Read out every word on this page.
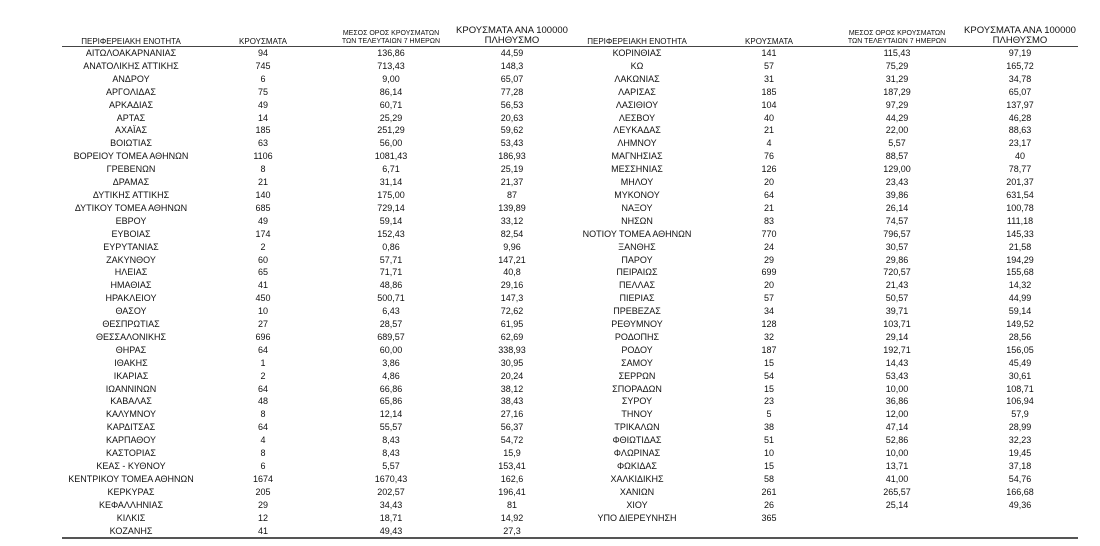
ΠΕΡΙΦΕΡΕΙΑΚΗ ΕΝΟΤΗΤΑ	ΚΡΟΥΣΜΑΤΑ	ΜΕΣΟΣ ΟΡΟΣ ΚΡΟΥΣΜΑΤΩΝ
ΤΩΝ ΤΕΛΕΥΤΑΙΩΝ 7 ΗΜΕΡΩΝ	ΚΡΟΥΣΜΑΤΑ ΑΝΑ 100000
ΠΛΗΘΥΣΜΟ	ΠΕΡΙΦΕΡΕΙΑΚΗ ΕΝΟΤΗΤΑ	ΚΡΟΥΣΜΑΤΑ	ΜΕΣΟΣ ΟΡΟΣ ΚΡΟΥΣΜΑΤΩΝ
ΤΩΝ ΤΕΛΕΥΤΑΙΩΝ 7 ΗΜΕΡΩΝ	ΚΡΟΥΣΜΑΤΑ ΑΝΑ 100000
ΠΛΗΘΥΣΜΟ
ΑΙΤΩΛΟΑΚΑΡΝΑΝΙΑΣ	94	136,86	44,59	ΚΟΡΙΝΘΙΑΣ	141	115,43	97,19
ΑΝΑΤΟΛΙΚΗΣ ΑΤΤΙΚΗΣ	745	713,43	148,3	ΚΩ	57	75,29	165,72
ΑΝΔΡΟΥ	6	9,00	65,07	ΛΑΚΩΝΙΑΣ	31	31,29	34,78
ΑΡΓΟΛΙΔΑΣ	75	86,14	77,28	ΛΑΡΙΣΑΣ	185	187,29	65,07
ΑΡΚΑΔΙΑΣ	49	60,71	56,53	ΛΑΣΙΘΙΟΥ	104	97,29	137,97
ΑΡΤΑΣ	14	25,29	20,63	ΛΕΣΒΟΥ	40	44,29	46,28
ΑΧΑΪΑΣ	185	251,29	59,62	ΛΕΥΚΑΔΑΣ	21	22,00	88,63
ΒΟΙΩΤΙΑΣ	63	56,00	53,43	ΛΗΜΝΟΥ	4	5,57	23,17
ΒΟΡΕΙΟΥ ΤΟΜΕΑ ΑΘΗΝΩΝ	1106	1081,43	186,93	ΜΑΓΝΗΣΙΑΣ	76	88,57	40
ΓΡΕΒΕΝΩΝ	8	6,71	25,19	ΜΕΣΣΗΝΙΑΣ	126	129,00	78,77
ΔΡΑΜΑΣ	21	31,14	21,37	ΜΗΛΟΥ	20	23,43	201,37
ΔΥΤΙΚΗΣ ΑΤΤΙΚΗΣ	140	175,00	87	ΜΥΚΟΝΟΥ	64	39,86	631,54
ΔΥΤΙΚΟΥ ΤΟΜΕΑ ΑΘΗΝΩΝ	685	729,14	139,89	ΝΑΞΟΥ	21	26,14	100,78
ΕΒΡΟΥ	49	59,14	33,12	ΝΗΣΩΝ	83	74,57	111,18
ΕΥΒΟΙΑΣ	174	152,43	82,54	ΝΟΤΙΟΥ ΤΟΜΕΑ ΑΘΗΝΩΝ	770	796,57	145,33
ΕΥΡΥΤΑΝΙΑΣ	2	0,86	9,96	ΞΑΝΘΗΣ	24	30,57	21,58
ΖΑΚΥΝΘΟΥ	60	57,71	147,21	ΠΑΡΟΥ	29	29,86	194,29
ΗΛΕΙΑΣ	65	71,71	40,8	ΠΕΙΡΑΙΩΣ	699	720,57	155,68
ΗΜΑΘΙΑΣ	41	48,86	29,16	ΠΕΛΛΑΣ	20	21,43	14,32
ΗΡΑΚΛΕΙΟΥ	450	500,71	147,3	ΠΙΕΡΙΑΣ	57	50,57	44,99
ΘΑΣΟΥ	10	6,43	72,62	ΠΡΕΒΕΖΑΣ	34	39,71	59,14
ΘΕΣΠΡΩΤΙΑΣ	27	28,57	61,95	ΡΕΘΥΜΝΟΥ	128	103,71	149,52
ΘΕΣΣΑΛΟΝΙΚΗΣ	696	689,57	62,69	ΡΟΔΟΠΗΣ	32	29,14	28,56
ΘΗΡΑΣ	64	60,00	338,93	ΡΟΔΟΥ	187	192,71	156,05
ΙΘΑΚΗΣ	1	3,86	30,95	ΣΑΜΟΥ	15	14,43	45,49
ΙΚΑΡΙΑΣ	2	4,86	20,24	ΣΕΡΡΩΝ	54	53,43	30,61
ΙΩΑΝΝΙΝΩΝ	64	66,86	38,12	ΣΠΟΡΑΔΩΝ	15	10,00	108,71
ΚΑΒΑΛΑΣ	48	65,86	38,43	ΣΥΡΟΥ	23	36,86	106,94
ΚΑΛΥΜΝΟΥ	8	12,14	27,16	ΤΗΝΟΥ	5	12,00	57,9
ΚΑΡΔΙΤΣΑΣ	64	55,57	56,37	ΤΡΙΚΑΛΩΝ	38	47,14	28,99
ΚΑΡΠΑΘΟΥ	4	8,43	54,72	ΦΘΙΩΤΙΔΑΣ	51	52,86	32,23
ΚΑΣΤΟΡΙΑΣ	8	8,43	15,9	ΦΛΩΡΙΝΑΣ	10	10,00	19,45
ΚΕΑΣ - ΚΥΘΝΟΥ	6	5,57	153,41	ΦΩΚΙΔΑΣ	15	13,71	37,18
ΚΕΝΤΡΙΚΟΥ ΤΟΜΕΑ ΑΘΗΝΩΝ	1674	1670,43	162,6	ΧΑΛΚΙΔΙΚΗΣ	58	41,00	54,76
ΚΕΡΚΥΡΑΣ	205	202,57	196,41	ΧΑΝΙΩΝ	261	265,57	166,68
ΚΕΦΑΛΛΗΝΙΑΣ	29	34,43	81	ΧΙΟΥ	26	25,14	49,36
ΚΙΛΚΙΣ	12	18,71	14,92	ΥΠΟ ΔΙΕΡΕΥΝΗΣΗ	365		
ΚΟΖΑΝΗΣ	41	49,43	27,3				
